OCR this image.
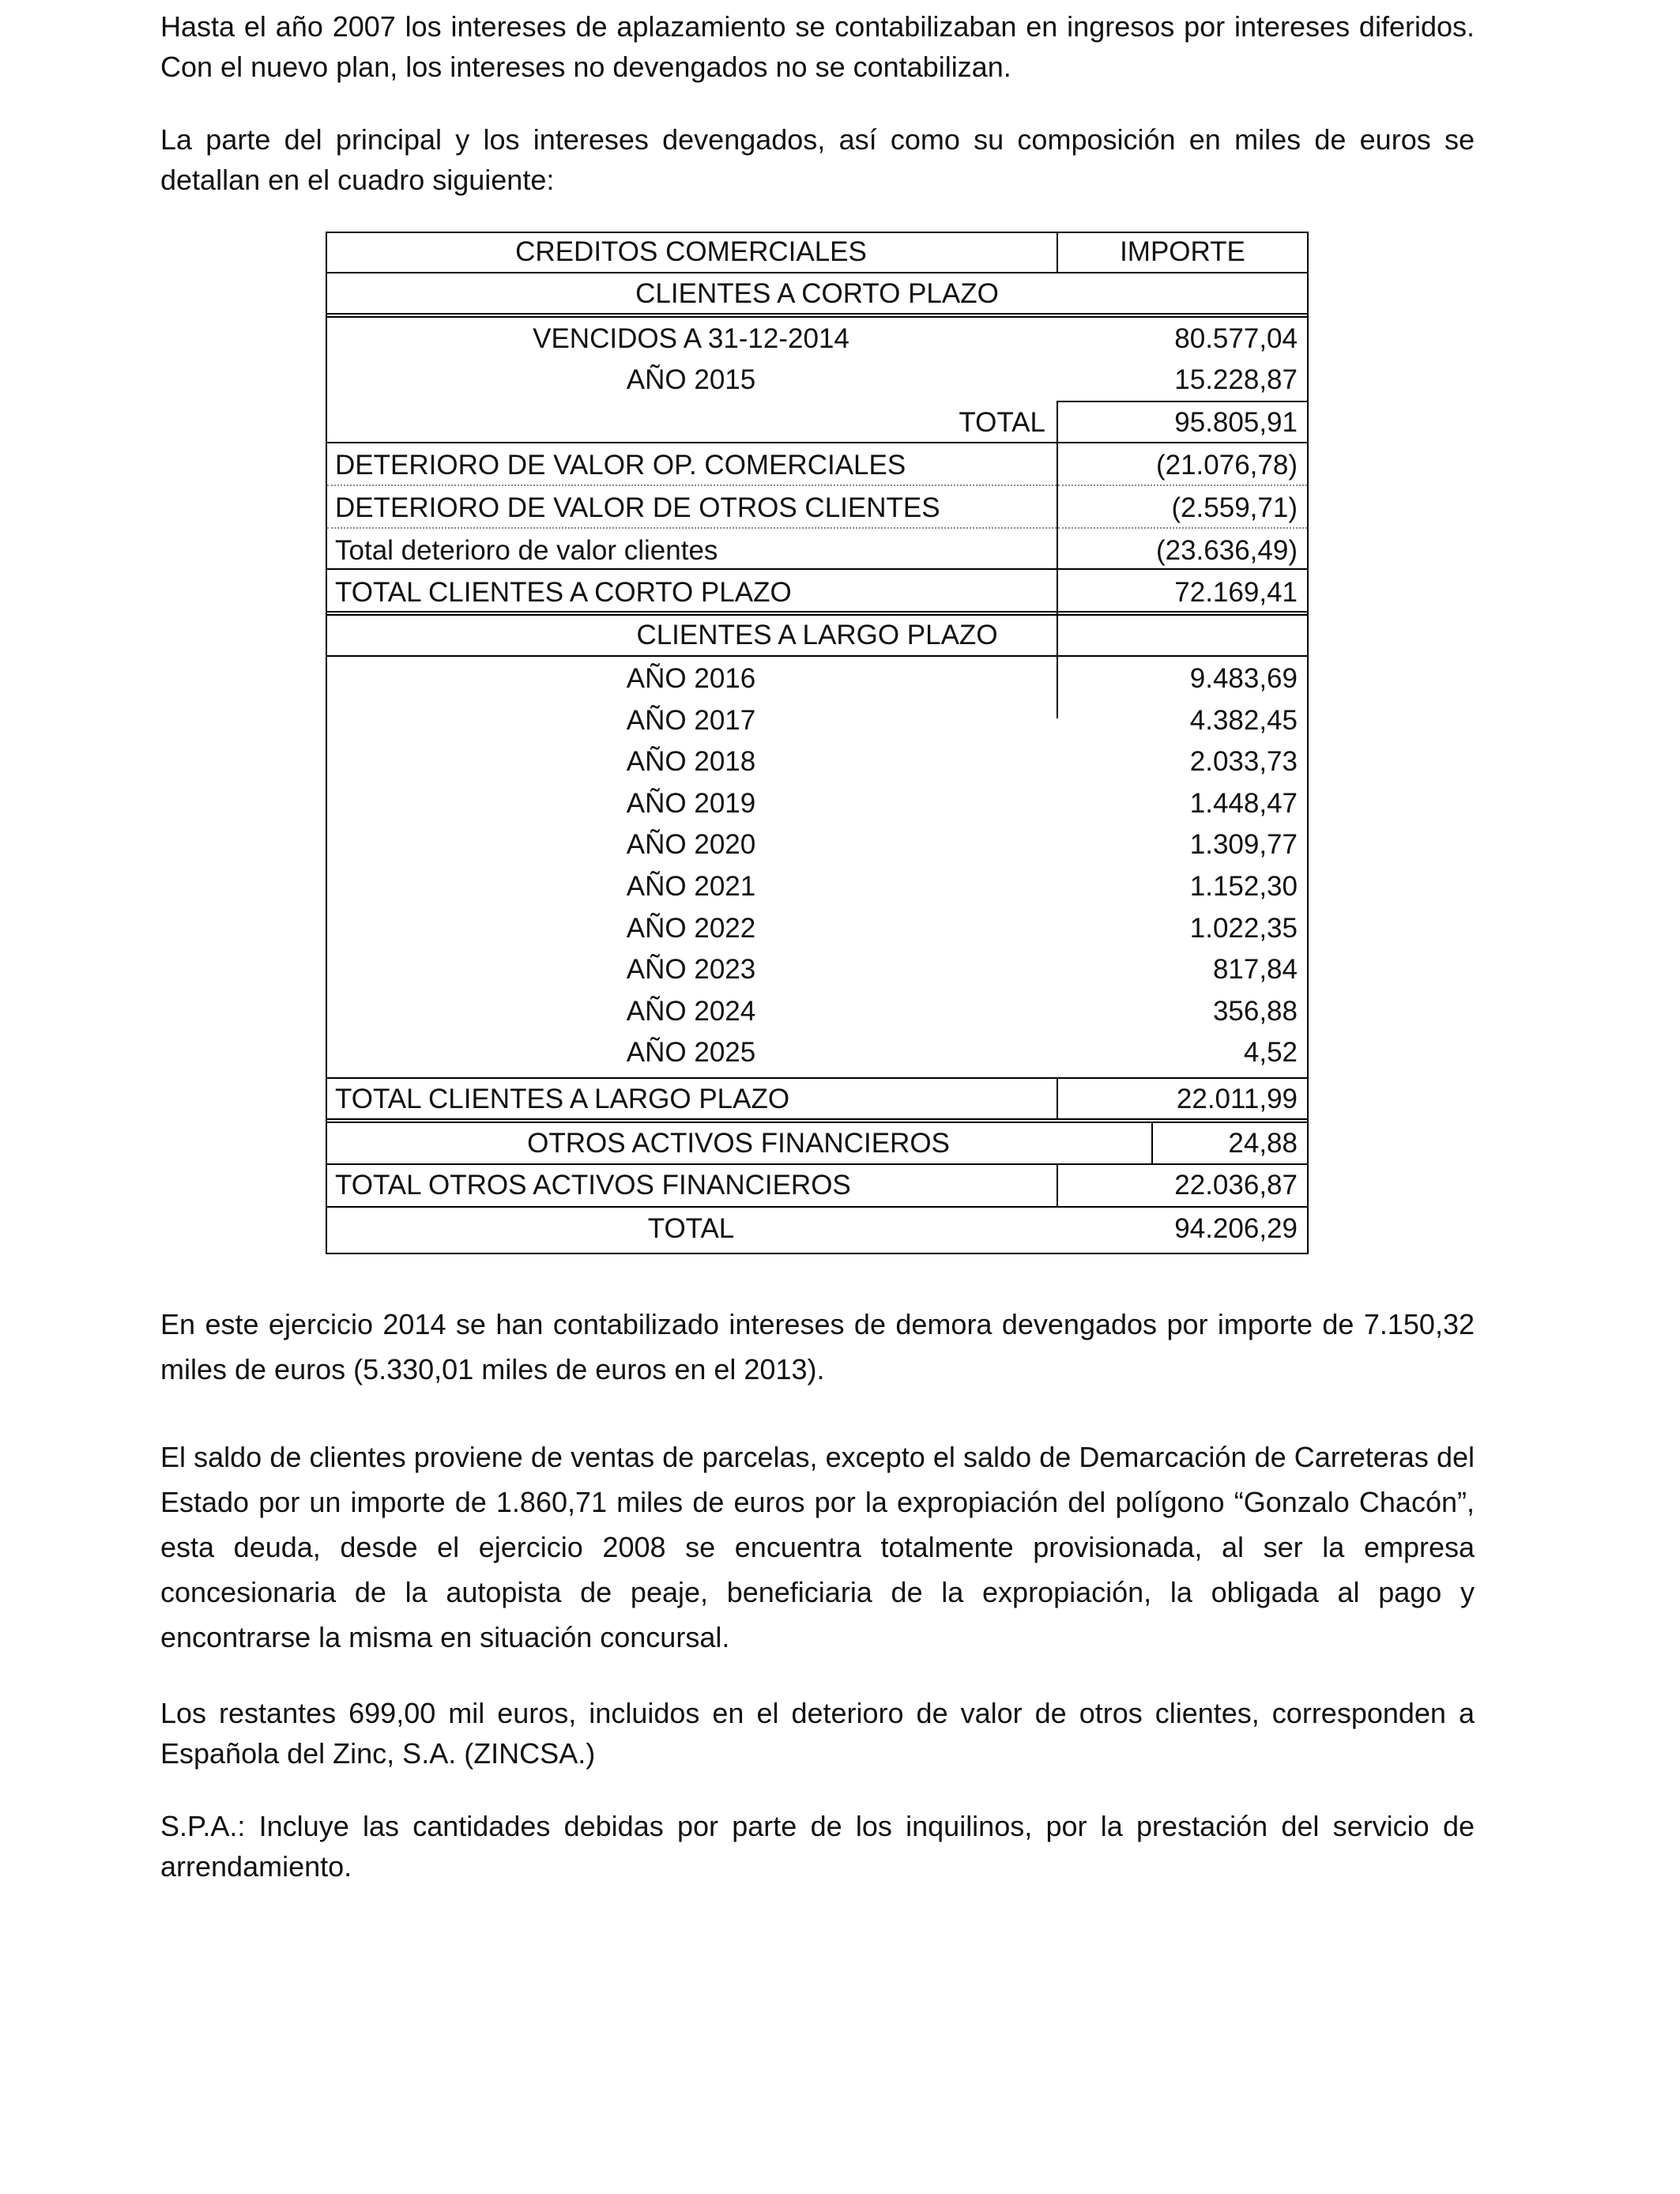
Hasta el año 2007 los intereses de aplazamiento se contabilizaban en ingresos por intereses diferidos. Con el nuevo plan, los intereses no devengados no se contabilizan.

La parte del principal y los intereses devengados, así como su composición en miles de euros se detallan en el cuadro siguiente:

CREDITOS COMERCIALES	IMPORTE
CLIENTES A CORTO PLAZO
VENCIDOS A 31-12-2014	80.577,04
AÑO 2015	15.228,87
TOTAL	95.805,91
DETERIORO DE VALOR OP. COMERCIALES	(21.076,78)
DETERIORO DE VALOR DE OTROS CLIENTES	(2.559,71)
Total deterioro de valor clientes	(23.636,49)
TOTAL CLIENTES A CORTO PLAZO	72.169,41
CLIENTES A LARGO PLAZO
AÑO 2016	9.483,69
AÑO 2017	4.382,45
AÑO 2018	2.033,73
AÑO 2019	1.448,47
AÑO 2020	1.309,77
AÑO 2021	1.152,30
AÑO 2022	1.022,35
AÑO 2023	817,84
AÑO 2024	356,88
AÑO 2025	4,52
TOTAL CLIENTES A LARGO PLAZO	22.011,99
OTROS ACTIVOS FINANCIEROS	24,88
TOTAL OTROS ACTIVOS FINANCIEROS	22.036,87
TOTAL	94.206,29

En este ejercicio 2014 se han contabilizado intereses de demora devengados por importe de 7.150,32 miles de euros (5.330,01 miles de euros en el 2013).

El saldo de clientes proviene de ventas de parcelas, excepto el saldo de Demarcación de Carreteras del Estado por un importe de 1.860,71 miles de euros por la expropiación del polígono “Gonzalo Chacón”, esta deuda, desde el ejercicio 2008 se encuentra totalmente provisionada, al ser la empresa concesionaria de la autopista de peaje, beneficiaria de la expropiación, la obligada al pago y encontrarse la misma en situación concursal.

Los restantes 699,00 mil euros, incluidos en el deterioro de valor de otros clientes, corresponden a Española del Zinc, S.A. (ZINCSA.)

S.P.A.: Incluye las cantidades debidas por parte de los inquilinos, por la prestación del servicio de arrendamiento.
